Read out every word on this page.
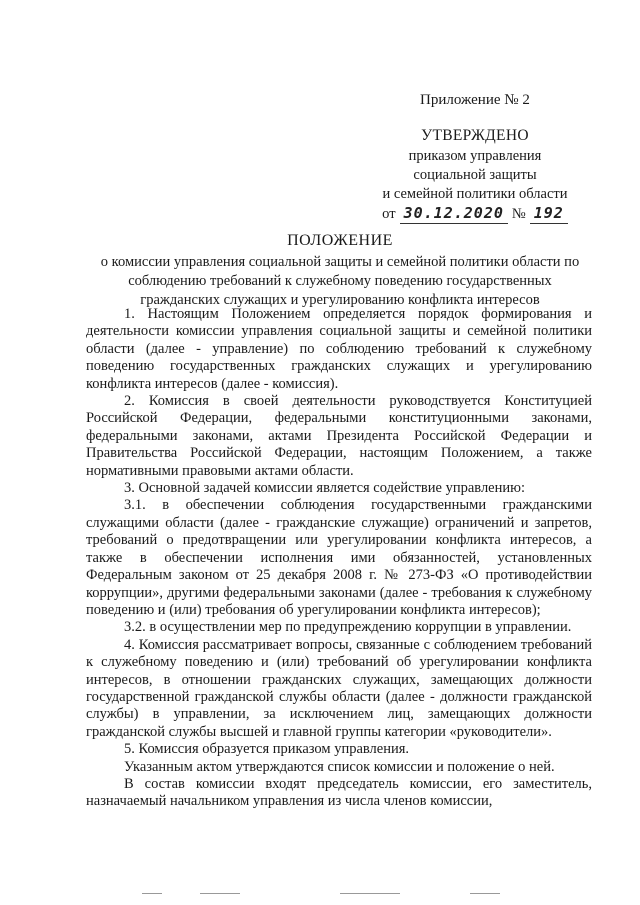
Приложение № 2
УТВЕРЖДЕНО
приказом управления
социальной защиты
и семейной политики области
от 30.12.2020 № 192
ПОЛОЖЕНИЕ
о комиссии управления социальной защиты и семейной политики области по соблюдению требований к служебному поведению государственных гражданских служащих и урегулированию конфликта интересов

1. Настоящим Положением определяется порядок формирования и деятельности комиссии управления социальной защиты и семейной политики области (далее - управление) по соблюдению требований к служебному поведению государственных гражданских служащих и урегулированию конфликта интересов (далее - комиссия).

2. Комиссия в своей деятельности руководствуется Конституцией Российской Федерации, федеральными конституционными законами, федеральными законами, актами Президента Российской Федерации и Правительства Российской Федерации, настоящим Положением, а также нормативными правовыми актами области.

3. Основной задачей комиссии является содействие управлению:

3.1. в обеспечении соблюдения государственными гражданскими служащими области (далее - гражданские служащие) ограничений и запретов, требований о предотвращении или урегулировании конфликта интересов, а также в обеспечении исполнения ими обязанностей, установленных Федеральным законом от 25 декабря 2008 г. № 273-ФЗ «О противодействии коррупции», другими федеральными законами (далее - требования к служебному поведению и (или) требования об урегулировании конфликта интересов);

3.2. в осуществлении мер по предупреждению коррупции в управлении.

4. Комиссия рассматривает вопросы, связанные с соблюдением требований к служебному поведению и (или) требований об урегулировании конфликта интересов, в отношении гражданских служащих, замещающих должности государственной гражданской службы области (далее - должности гражданской службы) в управлении, за исключением лиц, замещающих должности гражданской службы высшей и главной группы категории «руководители».

5. Комиссия образуется приказом управления.

Указанным актом утверждаются список комиссии и положение о ней.

В состав комиссии входят председатель комиссии, его заместитель, назначаемый начальником управления из числа членов комиссии,
